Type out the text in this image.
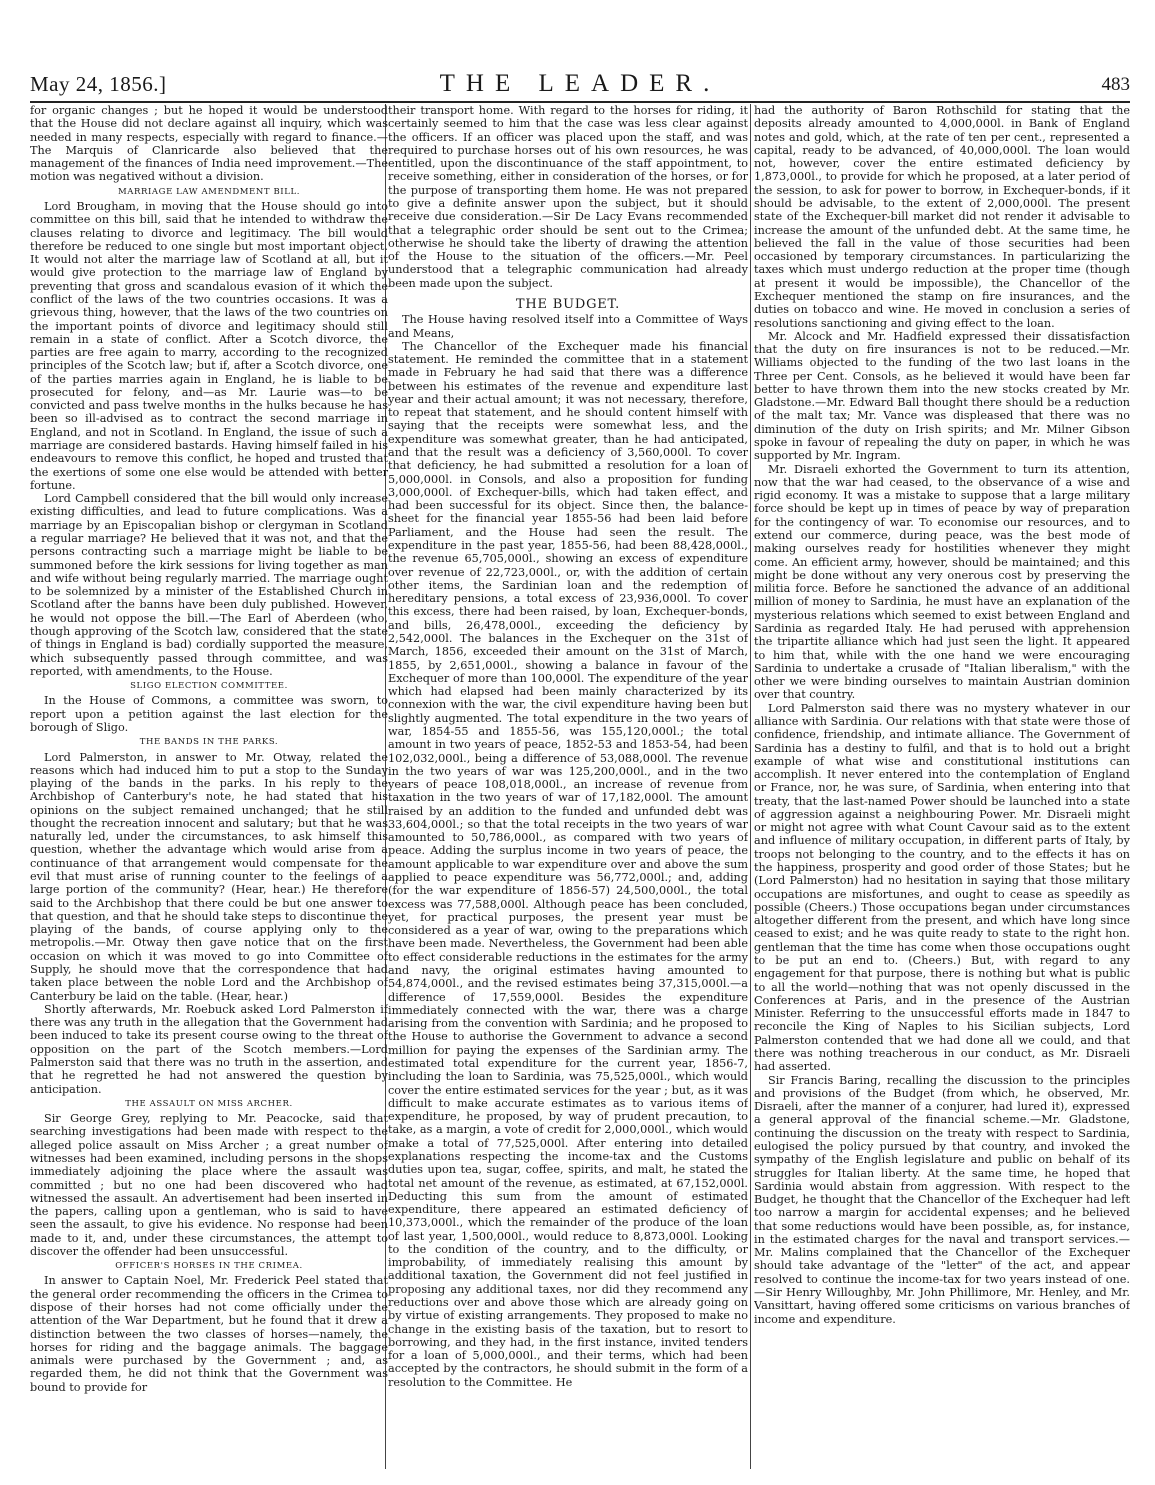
May 24, 1856.]	THE LEADER.	483

for organic changes ; but he hoped it would be understood that the House did not declare against all inquiry, which was needed in many respects, especially with regard to finance.—The Marquis of Clanricarde also believed that the management of the finances of India need improvement.—The motion was negatived without a division.

MARRIAGE LAW AMENDMENT BILL.

Lord Brougham, in moving that the House should go into committee on this bill, said that he intended to withdraw the clauses relating to divorce and legitimacy. The bill would therefore be reduced to one single but most important object. It would not alter the marriage law of Scotland at all, but it would give protection to the marriage law of England by preventing that gross and scandalous evasion of it which the conflict of the laws of the two countries occasions. It was a grievous thing, however, that the laws of the two countries on the important points of divorce and legitimacy should still remain in a state of conflict. After a Scotch divorce, the parties are free again to marry, according to the recognized principles of the Scotch law; but if, after a Scotch divorce, one of the parties marries again in England, he is liable to be prosecuted for felony, and—as Mr. Laurie was—to be convicted and pass twelve months in the hulks because he has been so ill-advised as to contract the second marriage in England, and not in Scotland. In England, the issue of such a marriage are considered bastards. Having himself failed in his endeavours to remove this conflict, he hoped and trusted that the exertions of some one else would be attended with better fortune.

Lord Campbell considered that the bill would only increase existing difficulties, and lead to future complications. Was a marriage by an Episcopalian bishop or clergyman in Scotland a regular marriage? He believed that it was not, and that the persons contracting such a marriage might be liable to be summoned before the kirk sessions for living together as man and wife without being regularly married. The marriage ought to be solemnized by a minister of the Established Church in Scotland after the banns have been duly published. However, he would not oppose the bill.—The Earl of Aberdeen (who, though approving of the Scotch law, considered that the state of things in England is bad) cordially supported the measure, which subsequently passed through committee, and was reported, with amendments, to the House.

SLIGO ELECTION COMMITTEE.

In the House of Commons, a committee was sworn, to report upon a petition against the last election for the borough of Sligo.

THE BANDS IN THE PARKS.

Lord Palmerston, in answer to Mr. Otway, related the reasons which had induced him to put a stop to the Sunday playing of the bands in the parks. In his reply to the Archbishop of Canterbury's note, he had stated that his opinions on the subject remained unchanged; that he still thought the recreation innocent and salutary; but that he was naturally led, under the circumstances, to ask himself this question, whether the advantage which would arise from a continuance of that arrangement would compensate for the evil that must arise of running counter to the feelings of a large portion of the community? (Hear, hear.) He therefore said to the Archbishop that there could be but one answer to that question, and that he should take steps to discontinue the playing of the bands, of course applying only to the metropolis.—Mr. Otway then gave notice that on the first occasion on which it was moved to go into Committee of Supply, he should move that the correspondence that had taken place between the noble Lord and the Archbishop of Canterbury be laid on the table. (Hear, hear.)

Shortly afterwards, Mr. Roebuck asked Lord Palmerston if there was any truth in the allegation that the Government had been induced to take its present course owing to the threat of opposition on the part of the Scotch members.—Lord Palmerston said that there was no truth in the assertion, and that he regretted he had not answered the question by anticipation.

THE ASSAULT ON MISS ARCHER.

Sir George Grey, replying to Mr. Peacocke, said that searching investigations had been made with respect to the alleged police assault on Miss Archer ; a great number of witnesses had been examined, including persons in the shops immediately adjoining the place where the assault was committed ; but no one had been discovered who had witnessed the assault. An advertisement had been inserted in the papers, calling upon a gentleman, who is said to have seen the assault, to give his evidence. No response had been made to it, and, under these circumstances, the attempt to discover the offender had been unsuccessful.

OFFICER'S HORSES IN THE CRIMEA.

In answer to Captain Noel, Mr. Frederick Peel stated that the general order recommending the officers in the Crimea to dispose of their horses had not come officially under the attention of the War Department, but he found that it drew a distinction between the two classes of horses—namely, the horses for riding and the baggage animals. The baggage animals were purchased by the Government ; and, as regarded them, he did not think that the Government was bound to provide for

their transport home. With regard to the horses for riding, it certainly seemed to him that the case was less clear against the officers. If an officer was placed upon the staff, and was required to purchase horses out of his own resources, he was entitled, upon the discontinuance of the staff appointment, to receive something, either in consideration of the horses, or for the purpose of transporting them home. He was not prepared to give a definite answer upon the subject, but it should receive due consideration.—Sir De Lacy Evans recommended that a telegraphic order should be sent out to the Crimea; otherwise he should take the liberty of drawing the attention of the House to the situation of the officers.—Mr. Peel understood that a telegraphic communication had already been made upon the subject.

THE BUDGET.

The House having resolved itself into a Committee of Ways and Means,

The Chancellor of the Exchequer made his financial statement. He reminded the committee that in a statement made in February he had said that there was a difference between his estimates of the revenue and expenditure last year and their actual amount; it was not necessary, therefore, to repeat that statement, and he should content himself with saying that the receipts were somewhat less, and the expenditure was somewhat greater, than he had anticipated, and that the result was a deficiency of 3,560,000l. To cover that deficiency, he had submitted a resolution for a loan of 5,000,000l. in Consols, and also a proposition for funding 3,000,000l. of Exchequer-bills, which had taken effect, and had been successful for its object. Since then, the balance-sheet for the financial year 1855-56 had been laid before Parliament, and the House had seen the result. The expenditure in the past year, 1855-56, had been 88,428,000l., the revenue 65,705,000l., showing an excess of expenditure over revenue of 22,723,000l., or, with the addition of certain other items, the Sardinian loan and the redemption of hereditary pensions, a total excess of 23,936,000l. To cover this excess, there had been raised, by loan, Exchequer-bonds, and bills, 26,478,000l., exceeding the deficiency by 2,542,000l. The balances in the Exchequer on the 31st of March, 1856, exceeded their amount on the 31st of March, 1855, by 2,651,000l., showing a balance in favour of the Exchequer of more than 100,000l. The expenditure of the year which had elapsed had been mainly characterized by its connexion with the war, the civil expenditure having been but slightly augmented. The total expenditure in the two years of war, 1854-55 and 1855-56, was 155,120,000l.; the total amount in two years of peace, 1852-53 and 1853-54, had been 102,032,000l., being a difference of 53,088,000l. The revenue in the two years of war was 125,200,000l., and in the two years of peace 108,018,000l., an increase of revenue from taxation in the two years of war of 17,182,000l. The amount raised by an addition to the funded and unfunded debt was 33,604,000l.; so that the total receipts in the two years of war amounted to 50,786,000l., as compared with two years of peace. Adding the surplus income in two years of peace, the amount applicable to war expenditure over and above the sum applied to peace expenditure was 56,772,000l.; and, adding (for the war expenditure of 1856-57) 24,500,000l., the total excess was 77,588,000l. Although peace has been concluded, yet, for practical purposes, the present year must be considered as a year of war, owing to the preparations which have been made. Nevertheless, the Government had been able to effect considerable reductions in the estimates for the army and navy, the original estimates having amounted to 54,874,000l., and the revised estimates being 37,315,000l.—a difference of 17,559,000l. Besides the expenditure immediately connected with the war, there was a charge arising from the convention with Sardinia; and he proposed to the House to authorise the Government to advance a second million for paying the expenses of the Sardinian army. The estimated total expenditure for the current year, 1856-7, including the loan to Sardinia, was 75,525,000l., which would cover the entire estimated services for the year ; but, as it was difficult to make accurate estimates as to various items of expenditure, he proposed, by way of prudent precaution, to take, as a margin, a vote of credit for 2,000,000l., which would make a total of 77,525,000l. After entering into detailed explanations respecting the income-tax and the Customs duties upon tea, sugar, coffee, spirits, and malt, he stated the total net amount of the revenue, as estimated, at 67,152,000l. Deducting this sum from the amount of estimated expenditure, there appeared an estimated deficiency of 10,373,000l., which the remainder of the produce of the loan of last year, 1,500,000l., would reduce to 8,873,000l. Looking to the condition of the country, and to the difficulty, or improbability, of immediately realising this amount by additional taxation, the Government did not feel justified in proposing any additional taxes, nor did they recommend any reductions over and above those which are already going on by virtue of existing arrangements. They proposed to make no change in the existing basis of the taxation, but to resort to borrowing, and they had, in the first instance, invited tenders for a loan of 5,000,000l., and their terms, which had been accepted by the contractors, he should submit in the form of a resolution to the Committee. He

had the authority of Baron Rothschild for stating that the deposits already amounted to 4,000,000l. in Bank of England notes and gold, which, at the rate of ten per cent., represented a capital, ready to be advanced, of 40,000,000l. The loan would not, however, cover the entire estimated deficiency by 1,873,000l., to provide for which he proposed, at a later period of the session, to ask for power to borrow, in Exchequer-bonds, if it should be advisable, to the extent of 2,000,000l. The present state of the Exchequer-bill market did not render it advisable to increase the amount of the unfunded debt. At the same time, he believed the fall in the value of those securities had been occasioned by temporary circumstances. In particularizing the taxes which must undergo reduction at the proper time (though at present it would be impossible), the Chancellor of the Exchequer mentioned the stamp on fire insurances, and the duties on tobacco and wine. He moved in conclusion a series of resolutions sanctioning and giving effect to the loan.

Mr. Alcock and Mr. Hadfield expressed their dissatisfaction that the duty on fire insurances is not to be reduced.—Mr. Williams objected to the funding of the two last loans in the Three per Cent. Consols, as he believed it would have been far better to have thrown them into the new stocks created by Mr. Gladstone.—Mr. Edward Ball thought there should be a reduction of the malt tax; Mr. Vance was displeased that there was no diminution of the duty on Irish spirits; and Mr. Milner Gibson spoke in favour of repealing the duty on paper, in which he was supported by Mr. Ingram.

Mr. Disraeli exhorted the Government to turn its attention, now that the war had ceased, to the observance of a wise and rigid economy. It was a mistake to suppose that a large military force should be kept up in times of peace by way of preparation for the contingency of war. To economise our resources, and to extend our commerce, during peace, was the best mode of making ourselves ready for hostilities whenever they might come. An efficient army, however, should be maintained; and this might be done without any very onerous cost by preserving the militia force. Before he sanctioned the advance of an additional million of money to Sardinia, he must have an explanation of the mysterious relations which seemed to exist between England and Sardinia as regarded Italy. He had perused with apprehension the tripartite alliance which had just seen the light. It appeared to him that, while with the one hand we were encouraging Sardinia to undertake a crusade of "Italian liberalism," with the other we were binding ourselves to maintain Austrian dominion over that country.

Lord Palmerston said there was no mystery whatever in our alliance with Sardinia. Our relations with that state were those of confidence, friendship, and intimate alliance. The Government of Sardinia has a destiny to fulfil, and that is to hold out a bright example of what wise and constitutional institutions can accomplish. It never entered into the contemplation of England or France, nor, he was sure, of Sardinia, when entering into that treaty, that the last-named Power should be launched into a state of aggression against a neighbouring Power. Mr. Disraeli might or might not agree with what Count Cavour said as to the extent and influence of military occupation, in different parts of Italy, by troops not belonging to the country, and to the effects it has on the happiness, prosperity and good order of those States; but he (Lord Palmerston) had no hesitation in saying that those military occupations are misfortunes, and ought to cease as speedily as possible (Cheers.) Those occupations began under circumstances altogether different from the present, and which have long since ceased to exist; and he was quite ready to state to the right hon. gentleman that the time has come when those occupations ought to be put an end to. (Cheers.) But, with regard to any engagement for that purpose, there is nothing but what is public to all the world—nothing that was not openly discussed in the Conferences at Paris, and in the presence of the Austrian Minister. Referring to the unsuccessful efforts made in 1847 to reconcile the King of Naples to his Sicilian subjects, Lord Palmerston contended that we had done all we could, and that there was nothing treacherous in our conduct, as Mr. Disraeli had asserted.

Sir Francis Baring, recalling the discussion to the principles and provisions of the Budget (from which, he observed, Mr. Disraeli, after the manner of a conjurer, had lured it), expressed a general approval of the financial scheme.—Mr. Gladstone, continuing the discussion on the treaty with respect to Sardinia, eulogised the policy pursued by that country, and invoked the sympathy of the English legislature and public on behalf of its struggles for Italian liberty. At the same time, he hoped that Sardinia would abstain from aggression. With respect to the Budget, he thought that the Chancellor of the Exchequer had left too narrow a margin for accidental expenses; and he believed that some reductions would have been possible, as, for instance, in the estimated charges for the naval and transport services.—Mr. Malins complained that the Chancellor of the Exchequer should take advantage of the "letter" of the act, and appear resolved to continue the income-tax for two years instead of one.—Sir Henry Willoughby, Mr. John Phillimore, Mr. Henley, and Mr. Vansittart, having offered some criticisms on various branches of income and expenditure.
